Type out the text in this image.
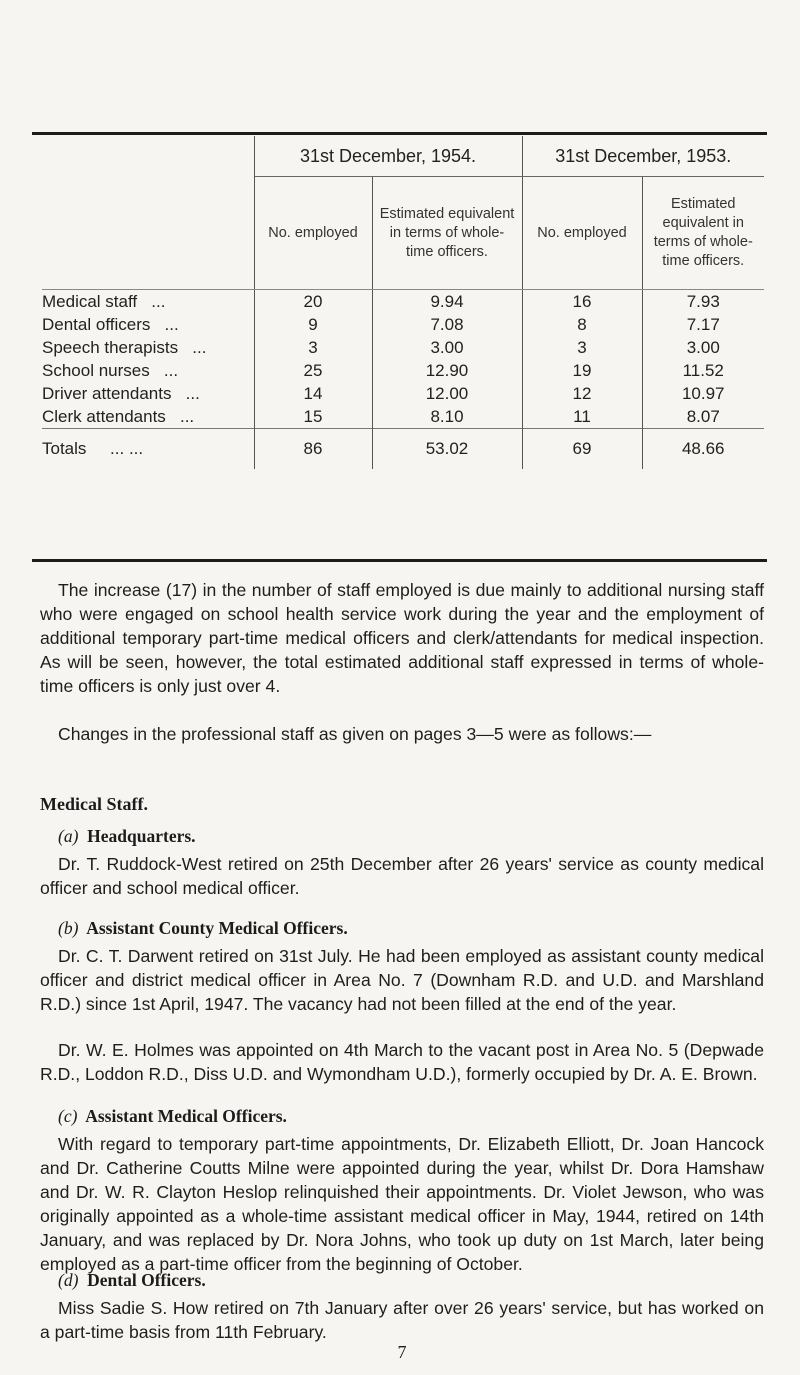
	31st December, 1954.		31st December, 1953.	

	No. employed	Estimated equivalent in terms of whole-time officers.	No. employed	Estimated equivalent in terms of whole-time officers.

Medical staff ...	20	9.94	16	7.93
Dental officers ...	9	7.08	8	7.17
Speech therapists ...	3	3.00	3	3.00
School nurses ...	25	12.90	19	11.52
Driver attendants ...	14	12.00	12	10.97
Clerk attendants ...	15	8.10	11	8.07
Totals ... ...	86	53.02	69	48.66

The increase (17) in the number of staff employed is due mainly to additional nursing staff who were engaged on school health service work during the year and the employment of additional temporary part-time medical officers and clerk/attendants for medical inspection. As will be seen, however, the total estimated additional staff expressed in terms of whole-time officers is only just over 4.

Changes in the professional staff as given on pages 3—5 were as follows:—

Medical Staff.

(a) Headquarters.

Dr. T. Ruddock-West retired on 25th December after 26 years' service as county medical officer and school medical officer.

(b) Assistant County Medical Officers.

Dr. C. T. Darwent retired on 31st July. He had been employed as assistant county medical officer and district medical officer in Area No. 7 (Downham R.D. and U.D. and Marshland R.D.) since 1st April, 1947. The vacancy had not been filled at the end of the year.

Dr. W. E. Holmes was appointed on 4th March to the vacant post in Area No. 5 (Depwade R.D., Loddon R.D., Diss U.D. and Wymondham U.D.), formerly occupied by Dr. A. E. Brown.

(c) Assistant Medical Officers.

With regard to temporary part-time appointments, Dr. Elizabeth Elliott, Dr. Joan Hancock and Dr. Catherine Coutts Milne were appointed during the year, whilst Dr. Dora Hamshaw and Dr. W. R. Clayton Heslop relinquished their appointments. Dr. Violet Jewson, who was originally appointed as a whole-time assistant medical officer in May, 1944, retired on 14th January, and was replaced by Dr. Nora Johns, who took up duty on 1st March, later being employed as a part-time officer from the beginning of October.

(d) Dental Officers.

Miss Sadie S. How retired on 7th January after over 26 years' service, but has worked on a part-time basis from 11th February.

7
